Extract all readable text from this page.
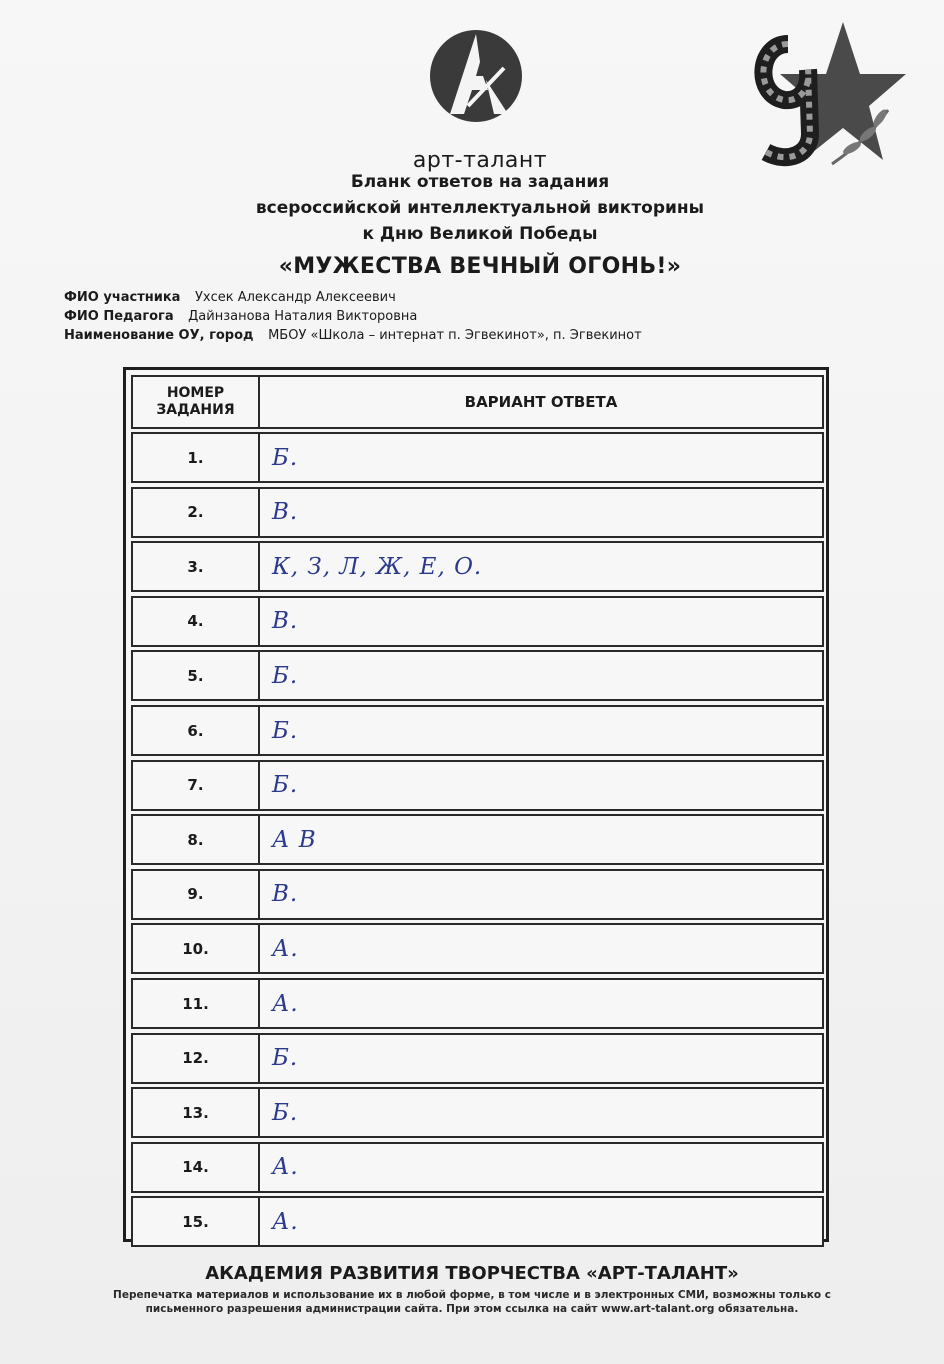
арт-талант
Бланк ответов на задания
всероссийской интеллектуальной викторины
к Дню Великой Победы
«МУЖЕСТВА ВЕЧНЫЙ ОГОНЬ!»
ФИО участника Ухсек Александр Алексеевич
ФИО Педагога Дайнзанова Наталия Викторовна
Наименование ОУ, город МБОУ «Школа – интернат п. Эгвекинот», п. Эгвекинот
НОМЕР
ЗАДАНИЯ	ВАРИАНТ ОТВЕТА
1.	Б.
2.	В.
3.	К, З, Л, Ж, Е, О.
4.	В.
5.	Б.
6.	Б.
7.	Б.
8.	А В
9.	В.
10.	А.
11.	А.
12.	Б.
13.	Б.
14.	А.
15.	А.
АКАДЕМИЯ РАЗВИТИЯ ТВОРЧЕСТВА «АРТ-ТАЛАНТ»
Перепечатка материалов и использование их в любой форме, в том числе и в электронных СМИ, возможны только с
письменного разрешения администрации сайта. При этом ссылка на сайт www.art-talant.org обязательна.
